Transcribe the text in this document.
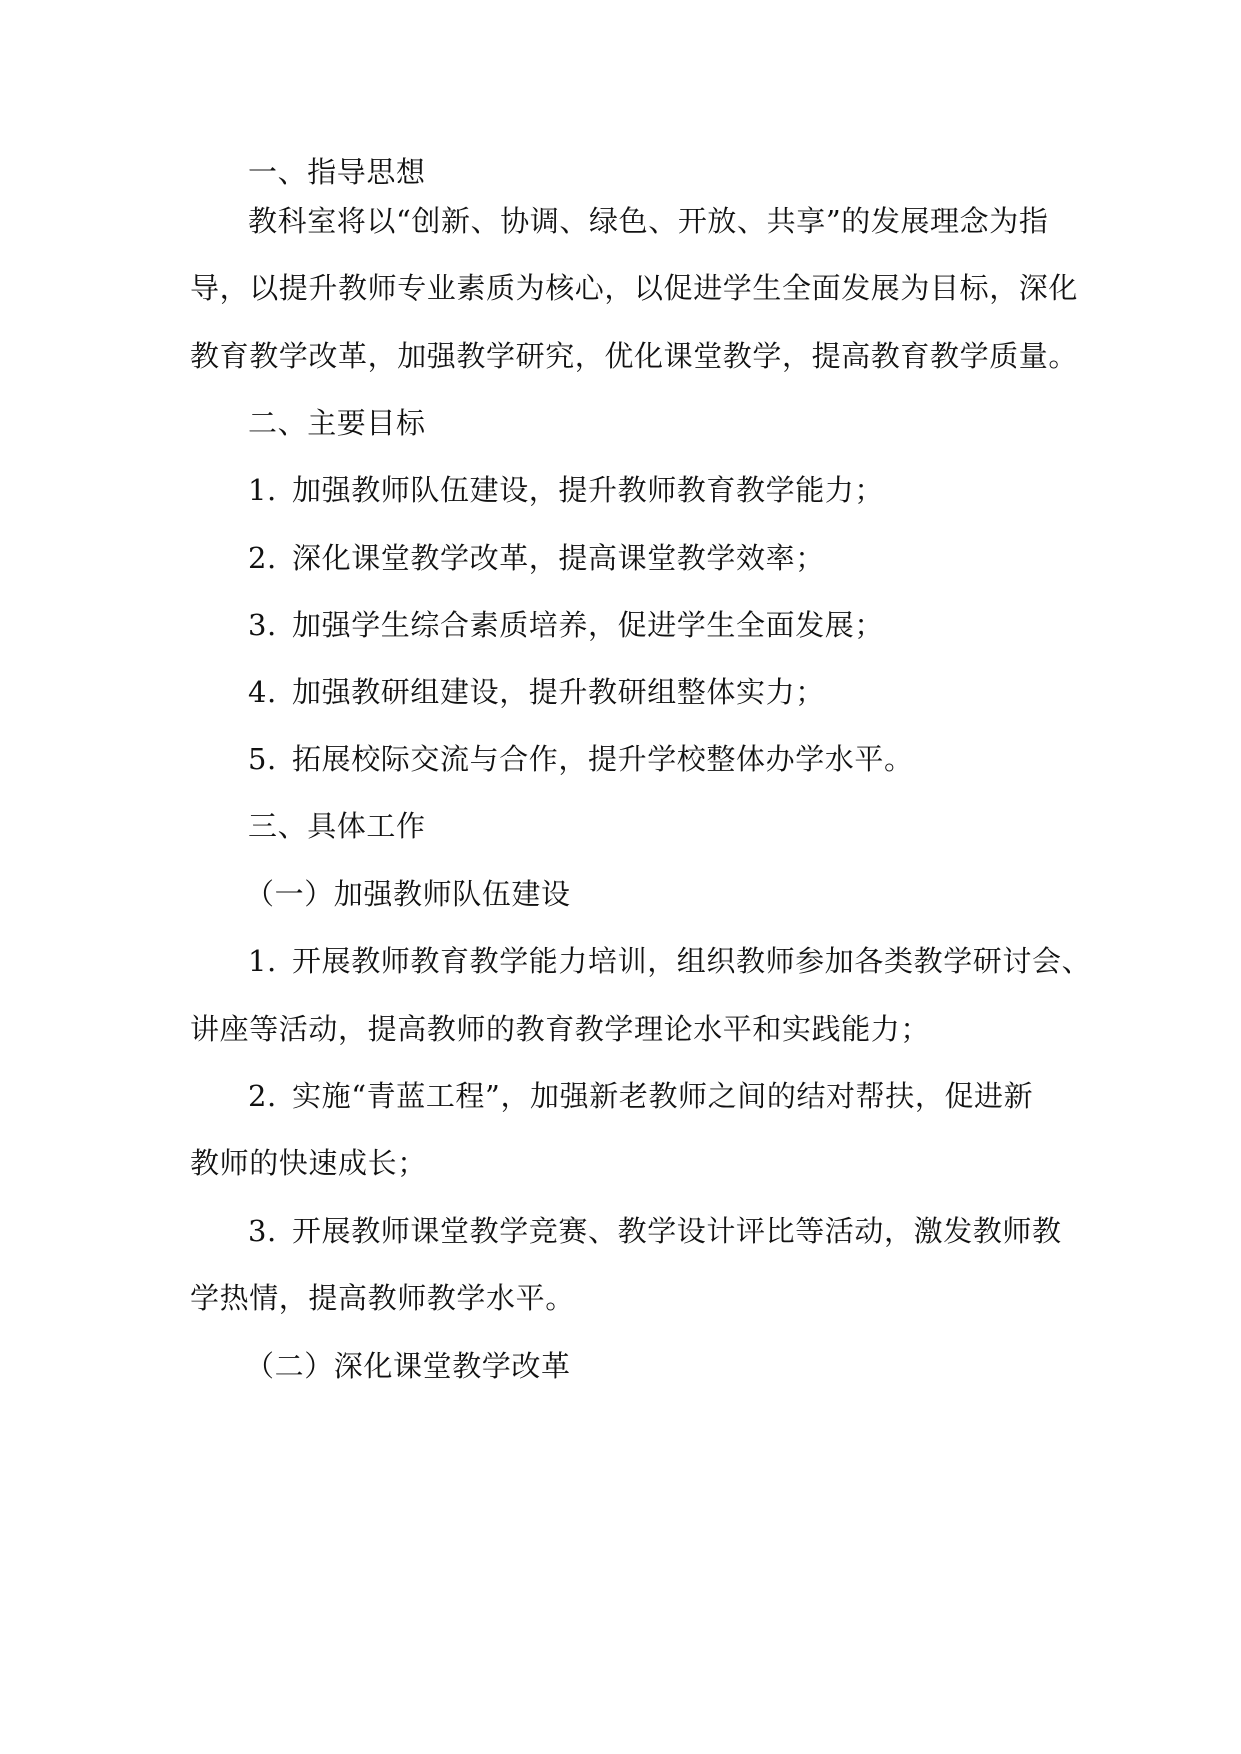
一、指导思想
教科室将以“创新、协调、绿色、开放、共享”的发展理念为指
导，以提升教师专业素质为核心，以促进学生全面发展为目标，深化
教育教学改革，加强教学研究，优化课堂教学，提高教育教学质量。
二、主要目标
1. 加强教师队伍建设，提升教师教育教学能力；
2. 深化课堂教学改革，提高课堂教学效率；
3. 加强学生综合素质培养，促进学生全面发展；
4. 加强教研组建设，提升教研组整体实力；
5. 拓展校际交流与合作，提升学校整体办学水平。
三、具体工作
（一）加强教师队伍建设
1. 开展教师教育教学能力培训，组织教师参加各类教学研讨会、
讲座等活动，提高教师的教育教学理论水平和实践能力；
2. 实施“青蓝工程”，加强新老教师之间的结对帮扶，促进新
教师的快速成长；
3. 开展教师课堂教学竞赛、教学设计评比等活动，激发教师教
学热情，提高教师教学水平。
（二）深化课堂教学改革
